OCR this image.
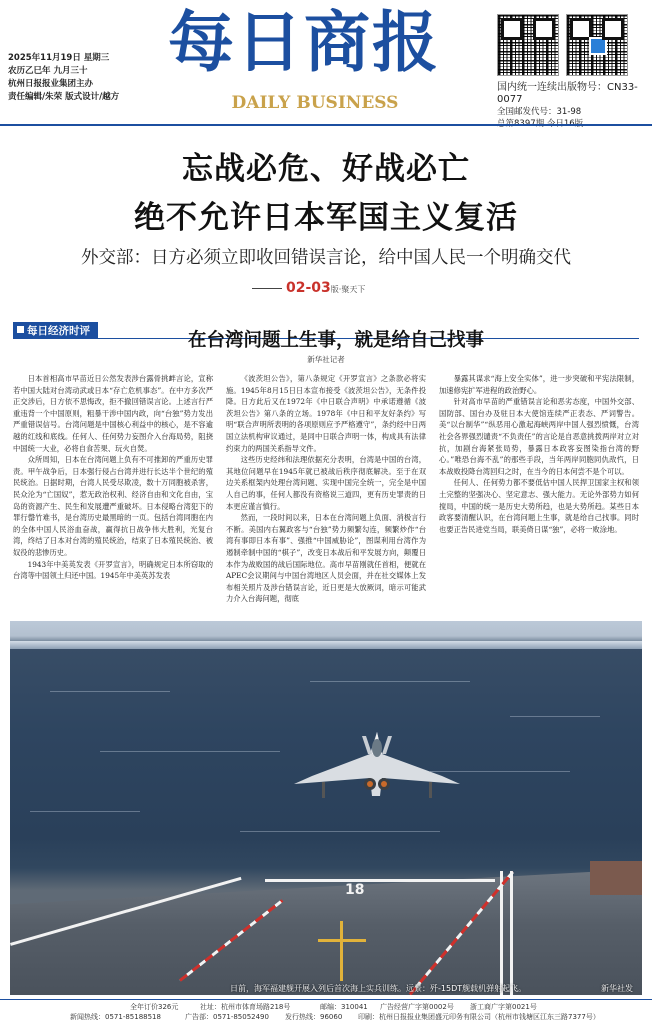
2025年11月19日 星期三
农历乙巳年 九月三十
杭州日报报业集团主办
责任编辑/朱荣 版式设计/越方
每日商报
DAILY BUSINESS
国内统一连续出版物号：CN33-0077
全国邮发代号：31-98
忘战必危、好战必亡
绝不允许日本军国主义复活
外交部：日方必须立即收回错误言论，给中国人民一个明确交代
02-03版·聚天下
每日经济时评	在台湾问题上生事，就是给自己找事
新华社记者

日本首相高市早苗近日公然发表涉台露骨挑衅言论，宣称若中国大陆对台湾动武或日本“存亡危机事态”。在中方多次严正交涉后，日方依不思悔改，拒不撤回错误言论。上述言行严重违背一个中国原则，粗暴干涉中国内政，向“台独”势力发出严重错误信号。台湾问题是中国核心利益中的核心，是不容逾越的红线和底线。任何人、任何势力妄图介入台海局势，阻挠中国统一大业，必将自食苦果、玩火自焚。

众所周知，日本在台湾问题上负有不可推卸的严重历史罪责。甲午战争后，日本强行侵占台湾并进行长达半个世纪的殖民统治。日据时期，台湾人民受尽欺凌，数十万同胞被杀害，民众沦为“亡国奴”，惹无政治权利、经济自由和文化自由，宝岛的资源产生、民生和发展遭严重破坏。日本侵略台湾犯下的罪行罄竹难书，是台湾历史最黑暗的一页。包括台湾同胞在内的全体中国人民浴血奋战，赢得抗日战争伟大胜利，光复台湾，终结了日本对台湾的殖民统治，结束了日本殖民统治、被奴役的悲惨历史。

1943年中美英发表《开罗宣言》，明确规定日本所窃取的台湾等中国领土归还中国。1945年中美英苏发表

《波茨坦公告》，第八条规定《开罗宣言》之条款必将实施。1945年8月15日日本宣布接受《波茨坦公告》，无条件投降。日方此后又在1972年《中日联合声明》中承诺遵循《波茨坦公告》第八条的立场。1978年《中日和平友好条约》写明“联合声明所表明的各项原则应予严格遵守”，条约经中日两国立法机构审议通过，是同中日联合声明一体，构成具有法律约束力的两国关系指导文件。

这些历史经纬和法理依据充分表明，台湾是中国的台湾，其地位问题早在1945年就已被战后秩序彻底解决。至于在双边关系框架内处理台湾问题、实现中国完全统一，完全是中国人自己的事，任何人都没有资格说三道四，更有历史罪责的日本更应谨言慎行。

然而，一段时间以来，日本在台湾问题上负面、消极言行不断。美国内右翼政客与“台独”势力频繁勾连，频繁炒作“台湾有事即日本有事”、强推“中国威胁论”，图谋利用台湾作为遏制牵制中国的“棋子”，改变日本战后和平发展方向，颠覆日本作为战败国的战后国际地位。高市早苗刚就任首相，便就在APEC会议期间与中国台湾地区人员会面，并在社交媒体上发布相关照片及涉台错误言论，近日更是大放厥词，暗示可能武力介入台海问题，彻底

暴露其谋求“海上安全实体”，进一步突破和平宪法限制，加速修宪扩军进程的政治野心。

针对高市早苗的严重错误言论和恶劣态度，中国外交部、国防部、国台办及驻日本大使馆连续严正表态、严词警告。美“以台制华”“纵恶用心激起海峡两岸中国人强烈愤慨，台湾社会各界强烈谴责“不负责任”的言论是自恶意挑拨两岸对立对抗，加剧台海紧张局势，暴露日本政客妄图染指台湾的野心。”唯恐台海不乱”的那些手段，当年两岸同胞同仇敌忾，日本战败投降台湾回归之时，在当今的日本何尝不是个可以。

任何人、任何势力都不要低估中国人民捍卫国家主权和领土完整的坚强决心、坚定意志、强大能力。无论外部势力如何搅局，中国的统一是历史大势所趋，也是大势所趋。某些日本政客要清醒认识，在台湾问题上生事，就是给自己找事。同时也要正告民进党当局，联美倚日谋“独”，必将一败涂地。

18
日前，海军福建舰开展入列后首次海上实兵训练。远景：歼-15DT舰载机弹射起飞。	新华社发
全年订价326元	社址：杭州市体育场路218号	邮编：310041 广告经营广字第0002号 浙工商广字第0021号
新闻热线：0571-85188518	广告部：0571-85052490 发行热线：96060 印刷：杭州日报报业集团盛元印务有限公司（杭州市钱塘区江东三路7377号）
